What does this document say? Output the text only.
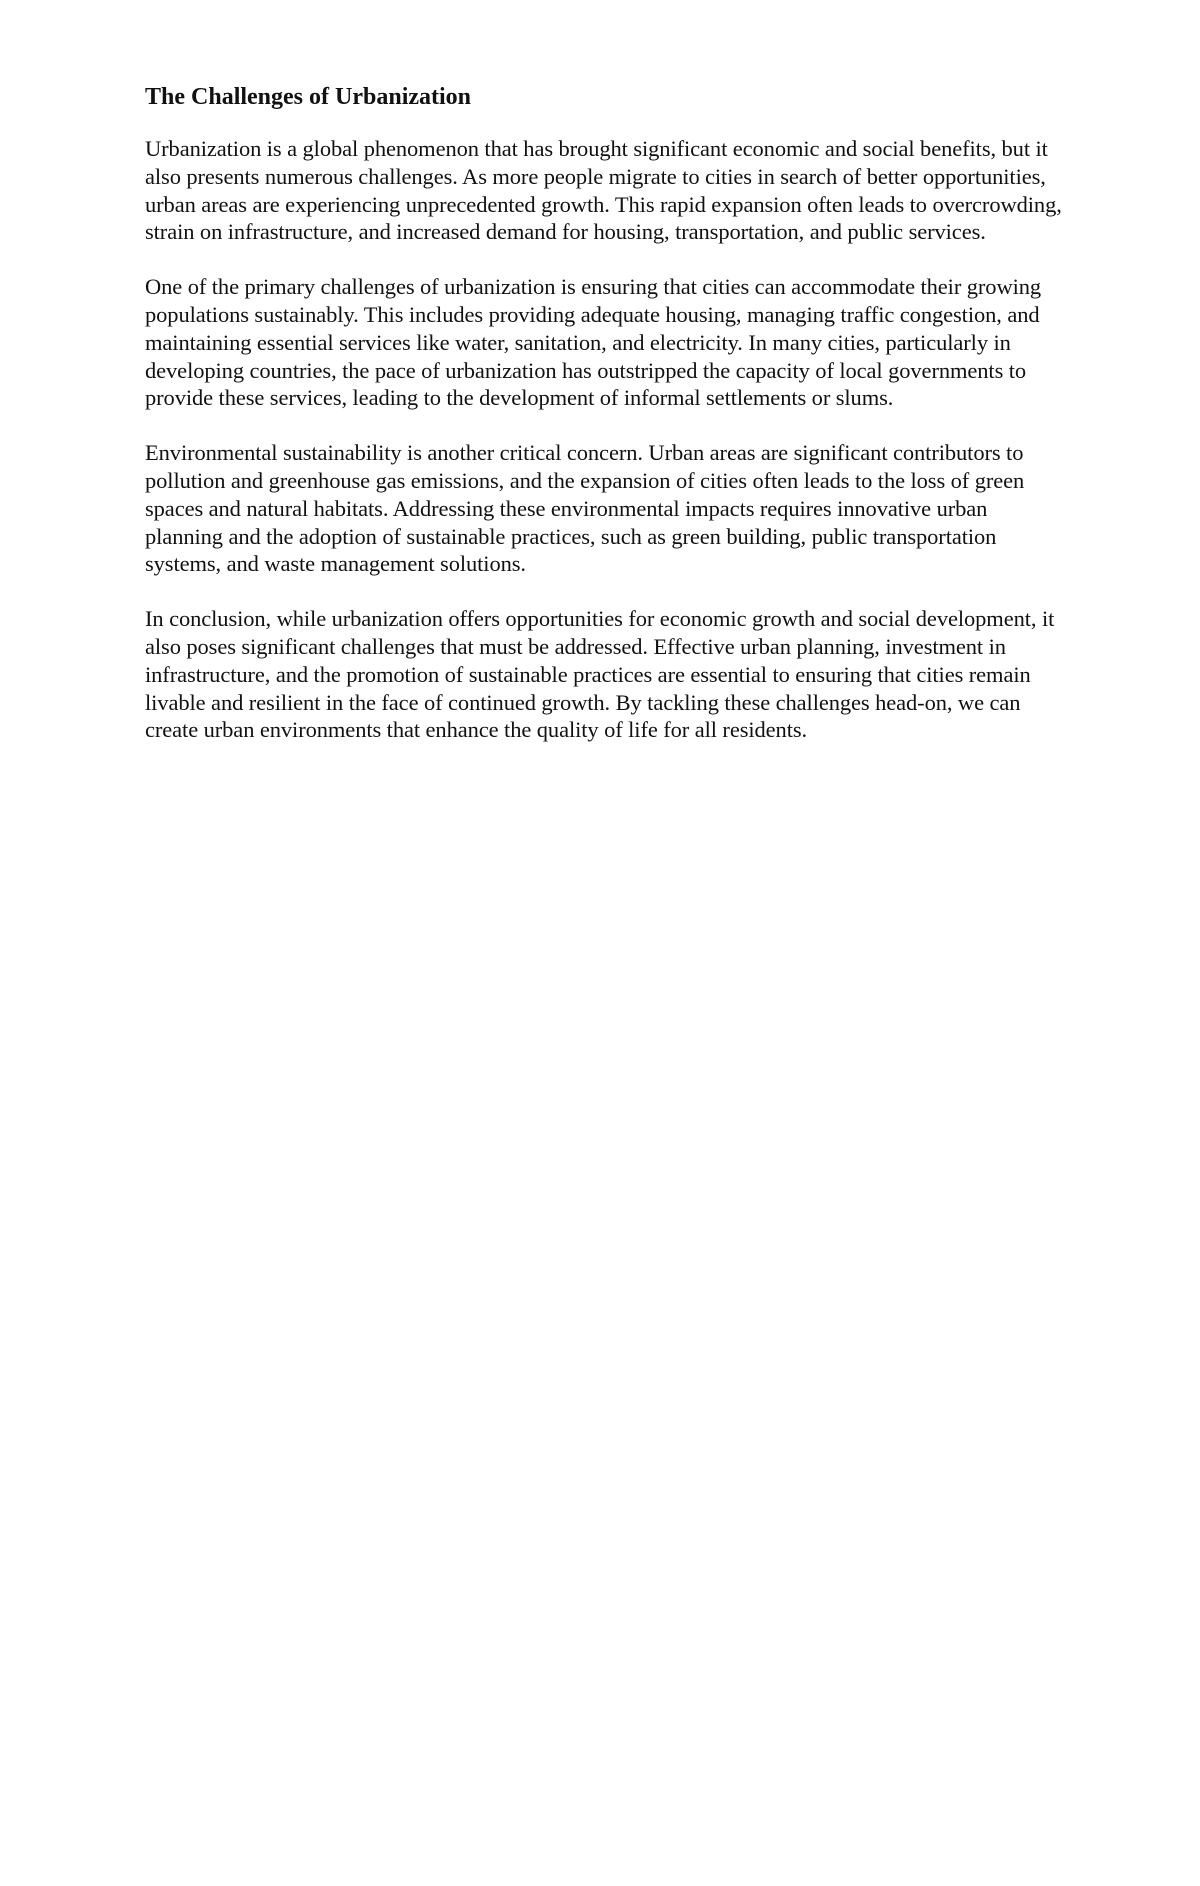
The Challenges of Urbanization

Urbanization is a global phenomenon that has brought significant economic and social benefits, but it also presents numerous challenges. As more people migrate to cities in search of better opportunities, urban areas are experiencing unprecedented growth. This rapid expansion often leads to overcrowding, strain on infrastructure, and increased demand for housing, transportation, and public services.

One of the primary challenges of urbanization is ensuring that cities can accommodate their growing populations sustainably. This includes providing adequate housing, managing traffic congestion, and maintaining essential services like water, sanitation, and electricity. In many cities, particularly in developing countries, the pace of urbanization has outstripped the capacity of local governments to provide these services, leading to the development of informal settlements or slums.

Environmental sustainability is another critical concern. Urban areas are significant contributors to pollution and greenhouse gas emissions, and the expansion of cities often leads to the loss of green spaces and natural habitats. Addressing these environmental impacts requires innovative urban planning and the adoption of sustainable practices, such as green building, public transportation systems, and waste management solutions.

In conclusion, while urbanization offers opportunities for economic growth and social development, it also poses significant challenges that must be addressed. Effective urban planning, investment in infrastructure, and the promotion of sustainable practices are essential to ensuring that cities remain livable and resilient in the face of continued growth. By tackling these challenges head-on, we can create urban environments that enhance the quality of life for all residents.
